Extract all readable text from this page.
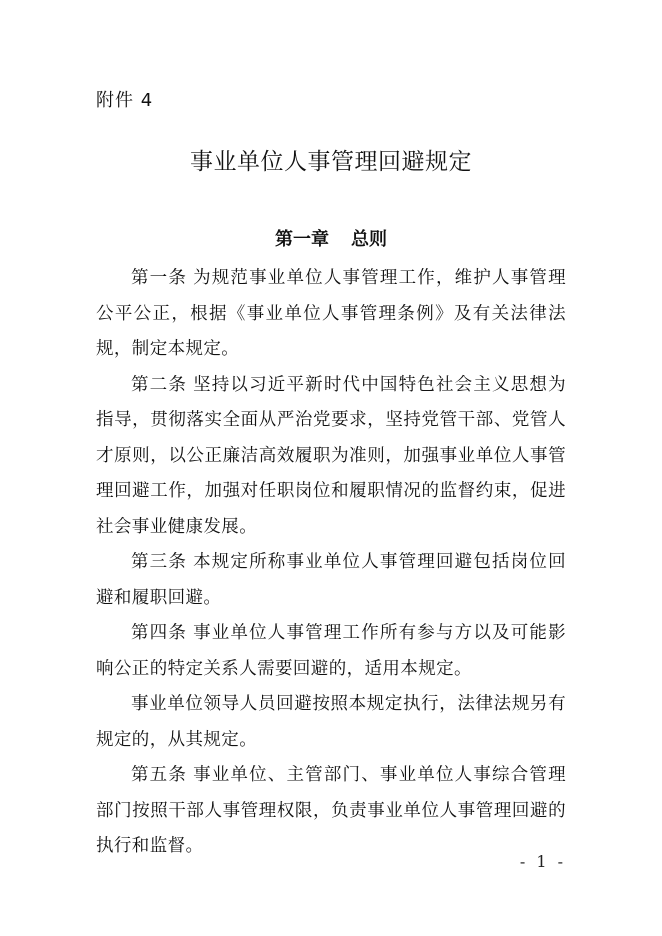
附件 4
事业单位人事管理回避规定
第一章 总则

第一条 为规范事业单位人事管理工作，维护人事管理公平公正，根据《事业单位人事管理条例》及有关法律法规，制定本规定。

第二条 坚持以习近平新时代中国特色社会主义思想为指导，贯彻落实全面从严治党要求，坚持党管干部、党管人才原则，以公正廉洁高效履职为准则，加强事业单位人事管理回避工作，加强对任职岗位和履职情况的监督约束，促进社会事业健康发展。

第三条 本规定所称事业单位人事管理回避包括岗位回避和履职回避。

第四条 事业单位人事管理工作所有参与方以及可能影响公正的特定关系人需要回避的，适用本规定。

事业单位领导人员回避按照本规定执行，法律法规另有规定的，从其规定。

第五条 事业单位、主管部门、事业单位人事综合管理部门按照干部人事管理权限，负责事业单位人事管理回避的执行和监督。

- 1 -
